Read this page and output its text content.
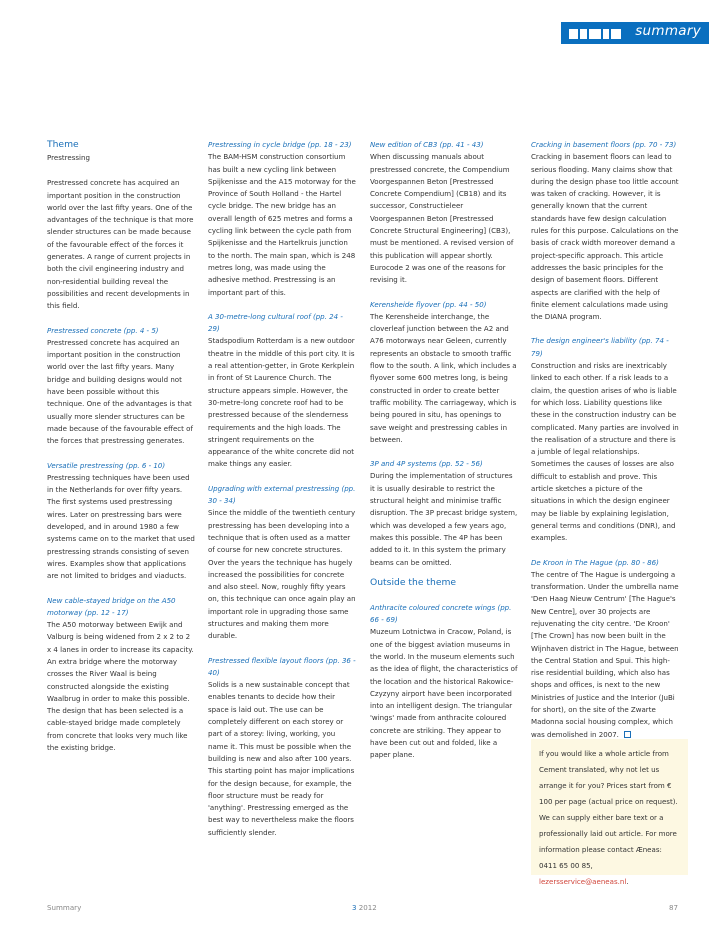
summary

Theme

Prestressing

Prestressed concrete has acquired an important position in the construction world over the last fifty years. One of the advantages of the technique is that more slender structures can be made because of the favourable effect of the forces it generates. A range of current projects in both the civil engineering industry and non-residential building reveal the possibilities and recent developments in this field.

Prestressed concrete (pp. 4 - 5)

Prestressed concrete has acquired an important position in the construction world over the last fifty years. Many bridge and building designs would not have been possible without this technique. One of the advantages is that usually more slender structures can be made because of the favourable effect of the forces that prestressing generates.

Versatile prestressing (pp. 6 - 10)

Prestressing techniques have been used in the Netherlands for over fifty years. The first systems used prestressing wires. Later on prestressing bars were developed, and in around 1980 a few systems came on to the market that used prestressing strands consisting of seven wires. Examples show that applications are not limited to bridges and viaducts.

New cable-stayed bridge on the A50 motorway (pp. 12 - 17)

The A50 motorway between Ewijk and Valburg is being widened from 2 x 2 to 2 x 4 lanes in order to increase its capacity. An extra bridge where the motorway crosses the River Waal is being constructed alongside the existing Waalbrug in order to make this possible. The design that has been selected is a cable-stayed bridge made completely from concrete that looks very much like the existing bridge.

Prestressing in cycle bridge (pp. 18 - 23)

The BAM-HSM construction consortium has built a new cycling link between Spijkenisse and the A15 motorway for the Province of South Holland - the Hartel cycle bridge. The new bridge has an overall length of 625 metres and forms a cycling link between the cycle path from Spijkenisse and the Hartelkruis junction to the north. The main span, which is 248 metres long, was made using the adhesive method. Prestressing is an important part of this.

A 30-metre-long cultural roof (pp. 24 - 29)

Stadspodium Rotterdam is a new outdoor theatre in the middle of this port city. It is a real attention-getter, in Grote Kerkplein in front of St Laurence Church. The structure appears simple. However, the 30-metre-long concrete roof had to be prestressed because of the slenderness requirements and the high loads. The stringent requirements on the appearance of the white concrete did not make things any easier.

Upgrading with external prestressing (pp. 30 - 34)

Since the middle of the twentieth century prestressing has been developing into a technique that is often used as a matter of course for new concrete structures. Over the years the technique has hugely increased the possibilities for concrete and also steel. Now, roughly fifty years on, this technique can once again play an important role in upgrading those same structures and making them more durable.

Prestressed flexible layout floors (pp. 36 - 40)

Solids is a new sustainable concept that enables tenants to decide how their space is laid out. The use can be completely different on each storey or part of a storey: living, working, you name it. This must be possible when the building is new and also after 100 years. This starting point has major implications for the design because, for example, the floor structure must be ready for 'anything'. Prestressing emerged as the best way to nevertheless make the floors sufficiently slender.

New edition of CB3 (pp. 41 - 43)

When discussing manuals about prestressed concrete, the Compendium Voorgespannen Beton [Prestressed Concrete Compendium] (CB18) and its successor, Constructieleer Voorgespannen Beton [Prestressed Concrete Structural Engineering] (CB3), must be mentioned. A revised version of this publication will appear shortly. Eurocode 2 was one of the reasons for revising it.

Kerensheide flyover (pp. 44 - 50)

The Kerensheide interchange, the cloverleaf junction between the A2 and A76 motorways near Geleen, currently represents an obstacle to smooth traffic flow to the south. A link, which includes a flyover some 600 metres long, is being constructed in order to create better traffic mobility. The carriageway, which is being poured in situ, has openings to save weight and prestressing cables in between.

3P and 4P systems (pp. 52 - 56)

During the implementation of structures it is usually desirable to restrict the structural height and minimise traffic disruption. The 3P precast bridge system, which was developed a few years ago, makes this possible. The 4P has been added to it. In this system the primary beams can be omitted.

Outside the theme

Anthracite coloured concrete wings (pp. 66 - 69)

Muzeum Lotnictwa in Cracow, Poland, is one of the biggest aviation museums in the world. In the museum elements such as the idea of flight, the characteristics of the location and the historical Rakowice-Czyzyny airport have been incorporated into an intelligent design. The triangular 'wings' made from anthracite coloured concrete are striking. They appear to have been cut out and folded, like a paper plane.

Cracking in basement floors (pp. 70 - 73)

Cracking in basement floors can lead to serious flooding. Many claims show that during the design phase too little account was taken of cracking. However, it is generally known that the current standards have few design calculation rules for this purpose. Calculations on the basis of crack width moreover demand a project-specific approach. This article addresses the basic principles for the design of basement floors. Different aspects are clarified with the help of finite element calculations made using the DIANA program.

The design engineer's liability (pp. 74 - 79)

Construction and risks are inextricably linked to each other. If a risk leads to a claim, the question arises of who is liable for which loss. Liability questions like these in the construction industry can be complicated. Many parties are involved in the realisation of a structure and there is a jumble of legal relationships. Sometimes the causes of losses are also difficult to establish and prove. This article sketches a picture of the situations in which the design engineer may be liable by explaining legislation, general terms and conditions (DNR), and examples.

De Kroon in The Hague (pp. 80 - 86)

The centre of The Hague is undergoing a transformation. Under the umbrella name 'Den Haag Nieuw Centrum' [The Hague's New Centre], over 30 projects are rejuvenating the city centre. 'De Kroon' [The Crown] has now been built in the Wijnhaven district in The Hague, between the Central Station and Spui. This high-rise residential building, which also has shops and offices, is next to the new Ministries of Justice and the Interior (JuBi for short), on the site of the Zwarte Madonna social housing complex, which was demolished in 2007.

If you would like a whole article from Cement translated, why not let us arrange it for you? Prices start from € 100 per page (actual price on request). We can supply either bare text or a professionally laid out article. For more information please contact Æneas: 0411 65 00 85, lezersservice@aeneas.nl.

Summary	3 2012	87
